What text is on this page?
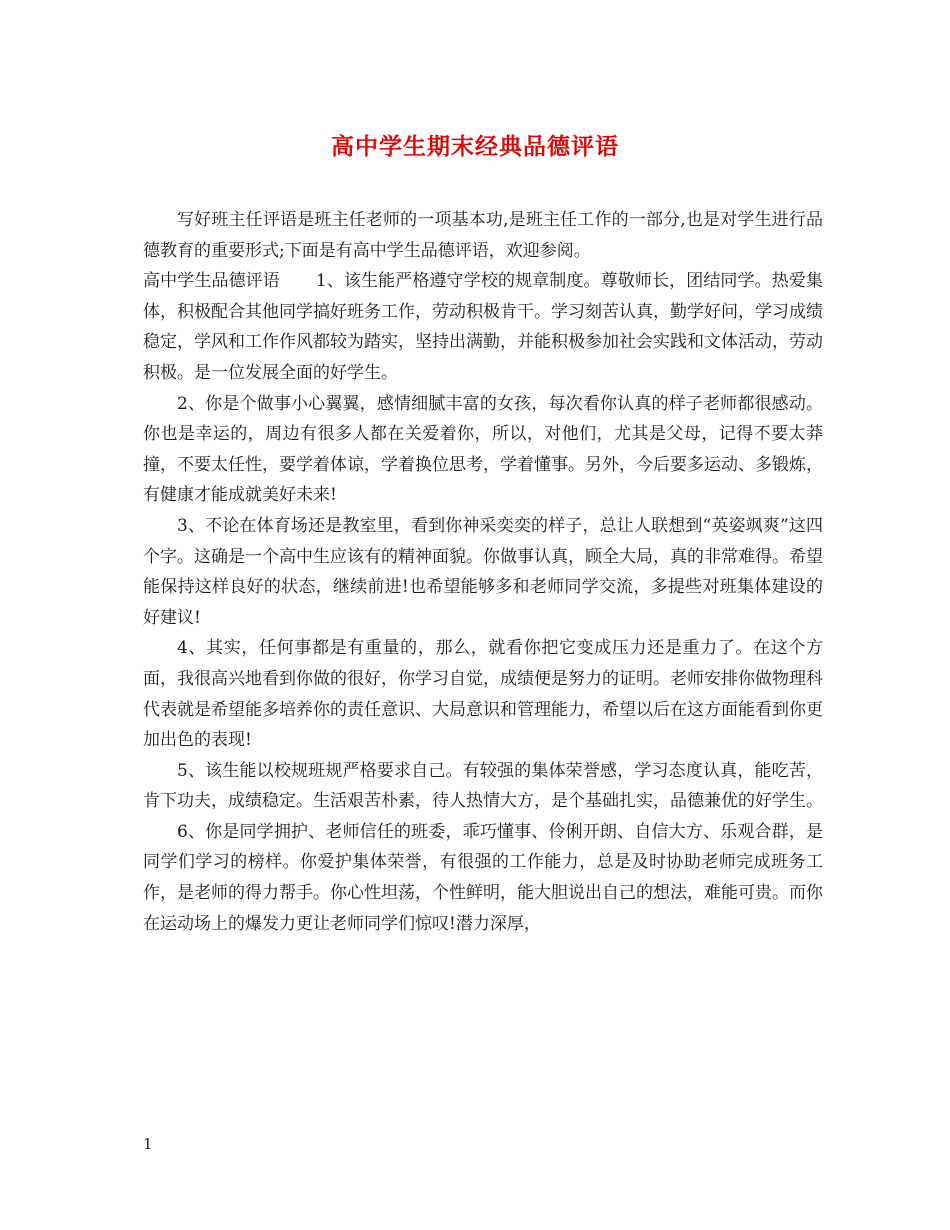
高中学生期末经典品德评语

写好班主任评语是班主任老师的一项基本功,是班主任工作的一部分,也是对学生进行品德教育的重要形式;下面是有高中学生品德评语，欢迎参阅。

高中学生品德评语 1、该生能严格遵守学校的规章制度。尊敬师长，团结同学。热爱集体，积极配合其他同学搞好班务工作，劳动积极肯干。学习刻苦认真，勤学好问，学习成绩稳定，学风和工作作风都较为踏实，坚持出满勤，并能积极参加社会实践和文体活动，劳动积极。是一位发展全面的好学生。

2、你是个做事小心翼翼，感情细腻丰富的女孩，每次看你认真的样子老师都很感动。你也是幸运的，周边有很多人都在关爱着你，所以，对他们，尤其是父母，记得不要太莽撞，不要太任性，要学着体谅，学着换位思考，学着懂事。另外，今后要多运动、多锻炼，有健康才能成就美好未来!

3、不论在体育场还是教室里，看到你神采奕奕的样子，总让人联想到“英姿飒爽”这四个字。这确是一个高中生应该有的精神面貌。你做事认真，顾全大局，真的非常难得。希望能保持这样良好的状态，继续前进!也希望能够多和老师同学交流，多提些对班集体建设的好建议!

4、其实，任何事都是有重量的，那么，就看你把它变成压力还是重力了。在这个方面，我很高兴地看到你做的很好，你学习自觉，成绩便是努力的证明。老师安排你做物理科代表就是希望能多培养你的责任意识、大局意识和管理能力，希望以后在这方面能看到你更加出色的表现!

5、该生能以校规班规严格要求自己。有较强的集体荣誉感，学习态度认真，能吃苦，肯下功夫，成绩稳定。生活艰苦朴素，待人热情大方，是个基础扎实，品德兼优的好学生。

6、你是同学拥护、老师信任的班委，乖巧懂事、伶俐开朗、自信大方、乐观合群，是同学们学习的榜样。你爱护集体荣誉，有很强的工作能力，总是及时协助老师完成班务工作，是老师的得力帮手。你心性坦荡，个性鲜明，能大胆说出自己的想法，难能可贵。而你在运动场上的爆发力更让老师同学们惊叹!潜力深厚，

1
